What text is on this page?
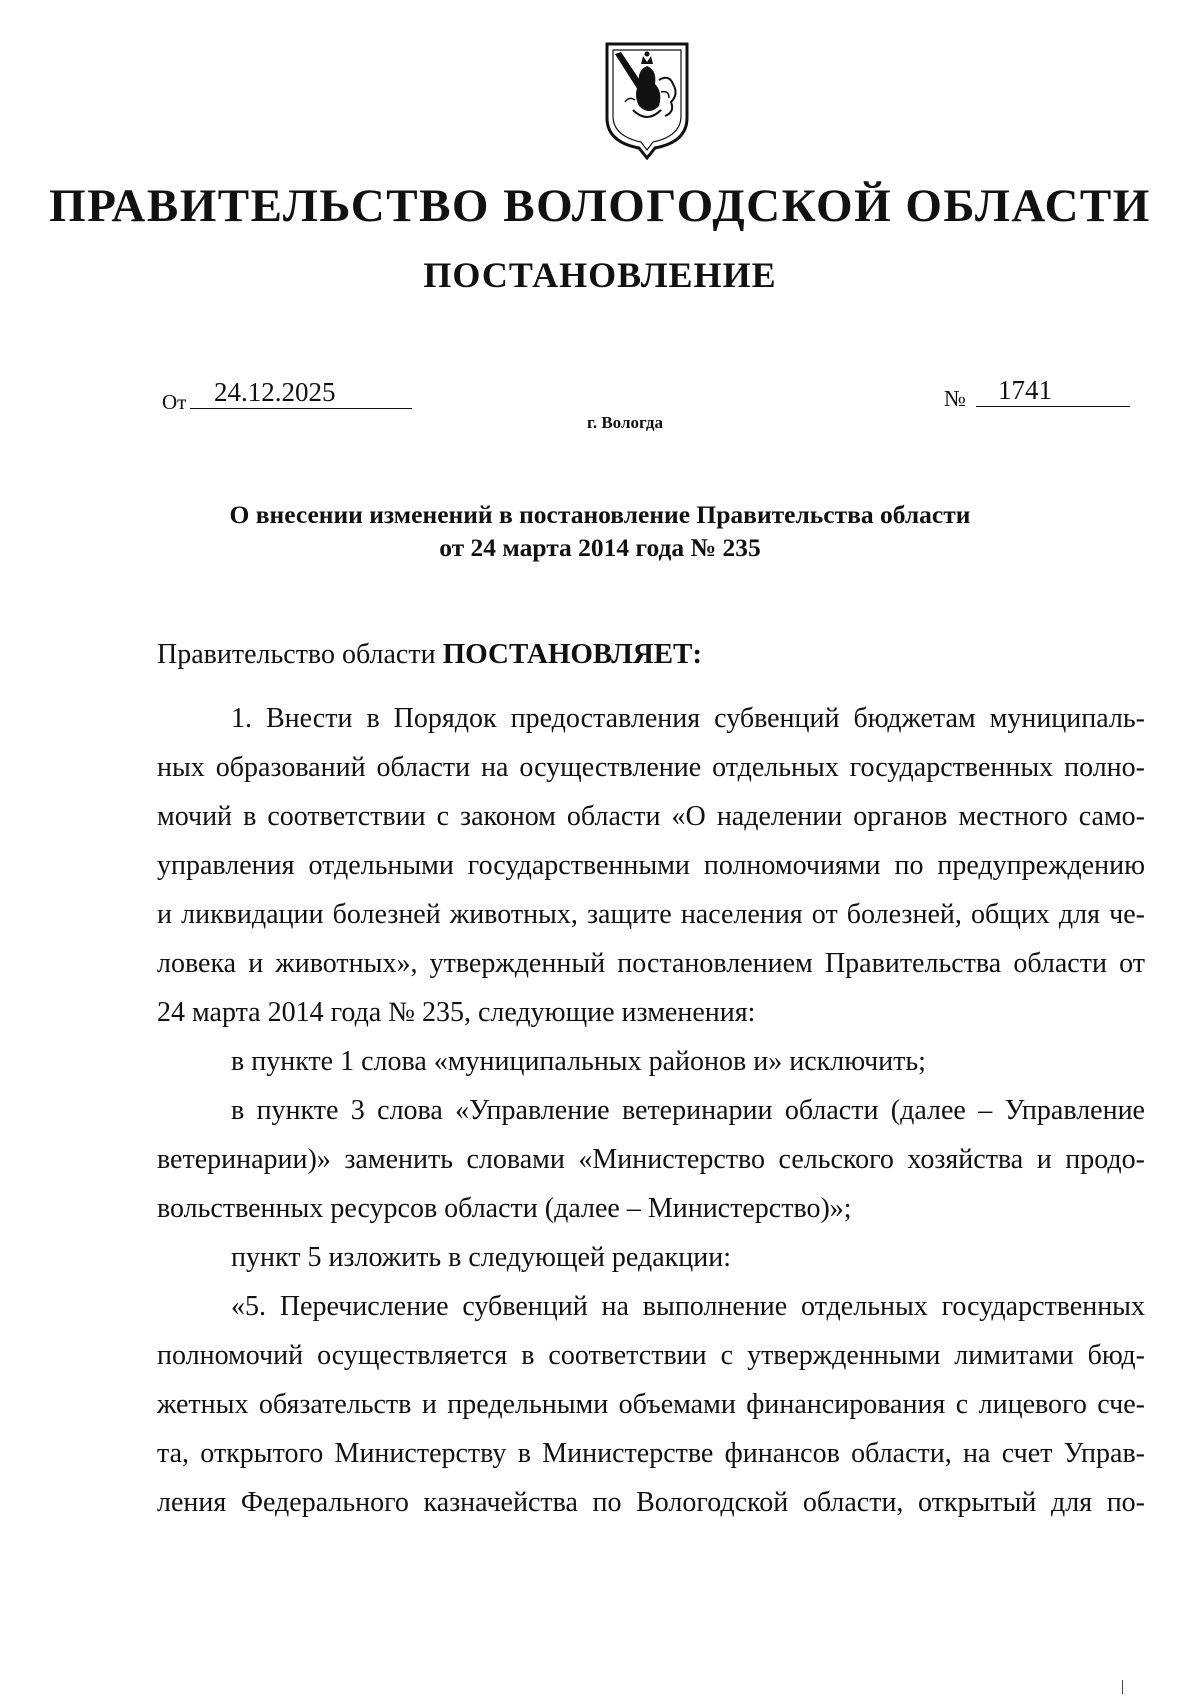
ПРАВИТЕЛЬСТВО ВОЛОГОДСКОЙ ОБЛАСТИ
ПОСТАНОВЛЕНИЕ
От	24.12.2025	№	1741
г. Вологда
О внесении изменений в постановление Правительства области
от 24 марта 2014 года № 235
Правительство области ПОСТАНОВЛЯЕТ:
1. Внести в Порядок предоставления субвенций бюджетам муниципаль-
ных образований области на осуществление отдельных государственных полно-
мочий в соответствии с законом области «О наделении органов местного само-
управления отдельными государственными полномочиями по предупреждению
и ликвидации болезней животных, защите населения от болезней, общих для че-
ловека и животных», утвержденный постановлением Правительства области от
24 марта 2014 года № 235, следующие изменения:
в пункте 1 слова «муниципальных районов и» исключить;
в пункте 3 слова «Управление ветеринарии области (далее – Управление
ветеринарии)» заменить словами «Министерство сельского хозяйства и продо-
вольственных ресурсов области (далее – Министерство)»;
пункт 5 изложить в следующей редакции:
«5. Перечисление субвенций на выполнение отдельных государственных
полномочий осуществляется в соответствии с утвержденными лимитами бюд-
жетных обязательств и предельными объемами финансирования с лицевого сче-
та, открытого Министерству в Министерстве финансов области, на счет Управ-
ления Федерального казначейства по Вологодской области, открытый для по-
